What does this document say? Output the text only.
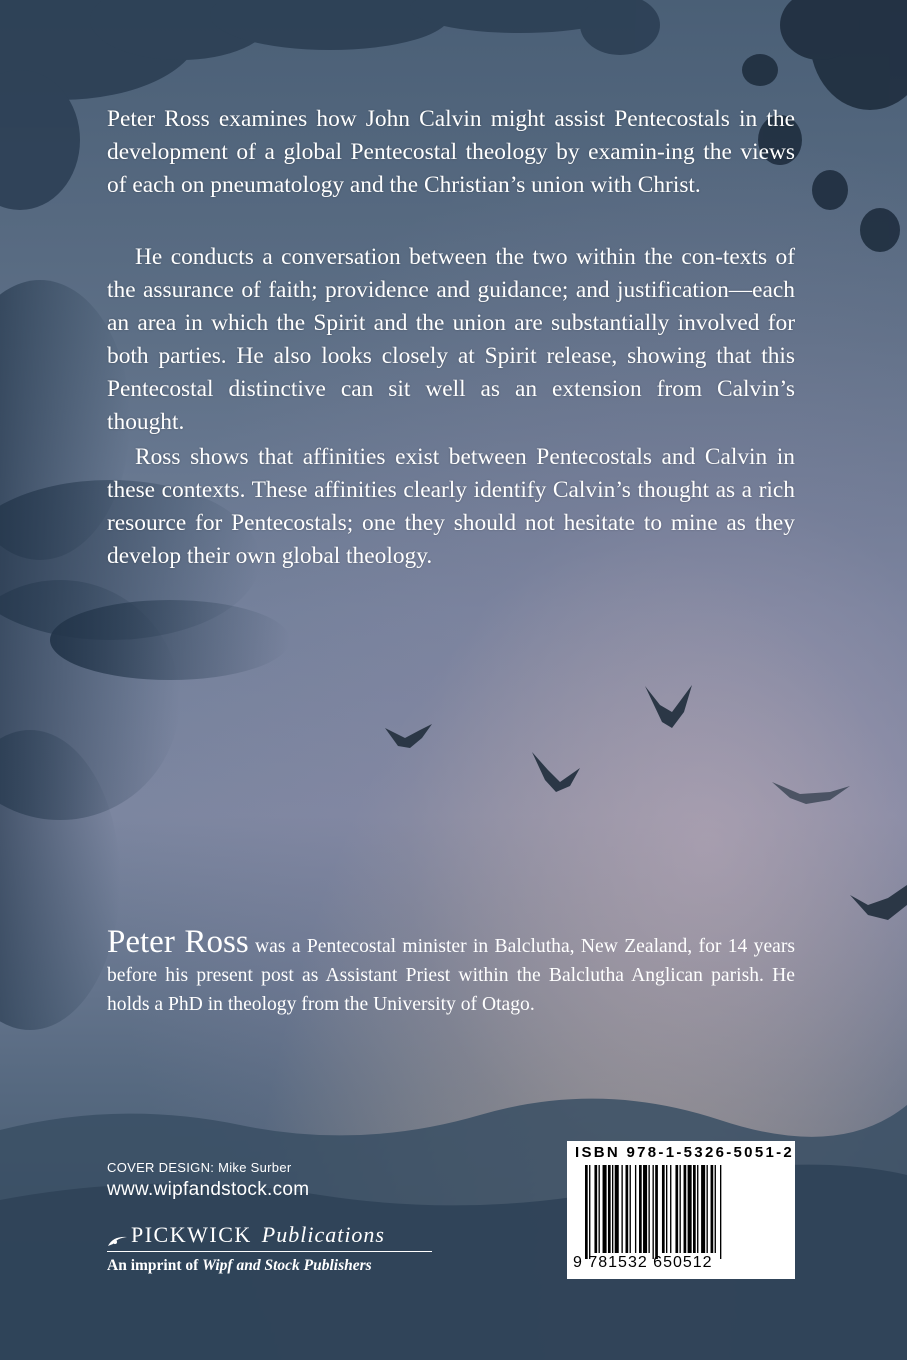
Peter Ross examines how John Calvin might assist Pentecostals in the development of a global Pentecostal theology by examin-ing the views of each on pneumatology and the Christian’s union with Christ.

He conducts a conversation between the two within the con-texts of the assurance of faith; providence and guidance; and justification—each an area in which the Spirit and the union are substantially involved for both parties. He also looks closely at Spirit release, showing that this Pentecostal distinctive can sit well as an extension from Calvin’s thought.

Ross shows that affinities exist between Pentecostals and Calvin in these contexts. These affinities clearly identify Calvin’s thought as a rich resource for Pentecostals; one they should not hesitate to mine as they develop their own global theology.

Peter Ross was a Pentecostal minister in Balclutha, New Zealand, for 14 years before his present post as Assistant Priest within the Balclutha Anglican parish. He holds a PhD in theology from the University of Otago.

COVER DESIGN: Mike Surber
www.wipfandstock.com
PICKWICK Publications
An imprint of Wipf and Stock Publishers
ISBN 978-1-5326-5051-2
9 781532 650512
